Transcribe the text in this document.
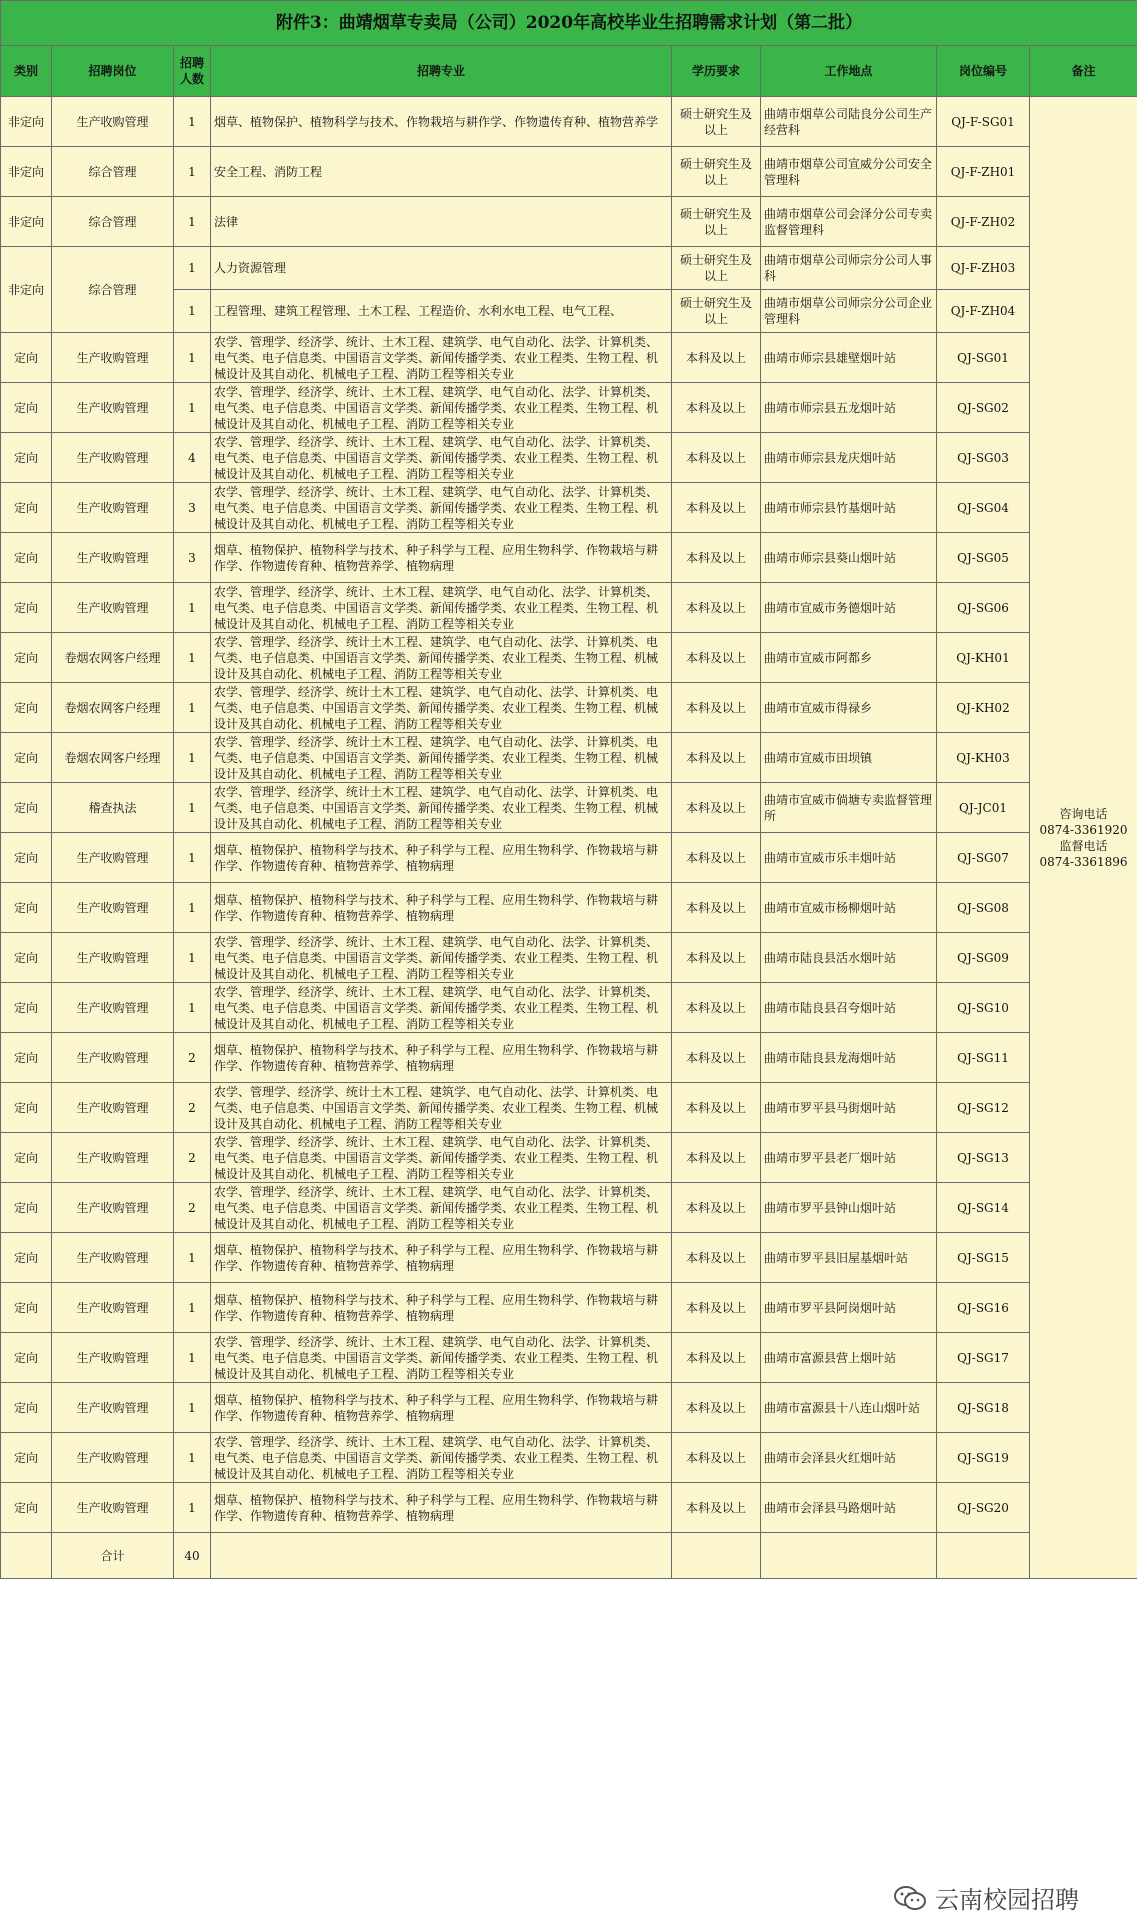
附件3：曲靖烟草专卖局（公司）2020年高校毕业生招聘需求计划（第二批）							
类别	招聘岗位	招聘人数	招聘专业	学历要求	工作地点	岗位编号	备注
非定向	生产收购管理	1	烟草、植物保护、植物科学与技术、作物栽培与耕作学、作物遗传育种、植物营养学	硕士研究生及以上	曲靖市烟草公司陆良分公司生产经营科	QJ-F-SG01	咨询电话
0874-3361920
监督电话
0874-3361896

非定向	综合管理	1	安全工程、消防工程	硕士研究生及以上	曲靖市烟草公司宣威分公司安全管理科	QJ-F-ZH01	
非定向	综合管理	1	法律	硕士研究生及以上	曲靖市烟草公司会泽分公司专卖监督管理科	QJ-F-ZH02	
非定向	综合管理	1	人力资源管理	硕士研究生及以上	曲靖市烟草公司师宗分公司人事科	QJ-F-ZH03	
		1	工程管理、建筑工程管理、土木工程、工程造价、水利水电工程、电气工程、	硕士研究生及以上	曲靖市烟草公司师宗分公司企业管理科	QJ-F-ZH04	
定向	生产收购管理	1	农学、管理学、经济学、统计、土木工程、建筑学、电气自动化、法学、计算机类、电气类、电子信息类、中国语言文学类、新闻传播学类、农业工程类、生物工程、机械设计及其自动化、机械电子工程、消防工程等相关专业	本科及以上	曲靖市师宗县雄壁烟叶站	QJ-SG01	
定向	生产收购管理	1	农学、管理学、经济学、统计、土木工程、建筑学、电气自动化、法学、计算机类、电气类、电子信息类、中国语言文学类、新闻传播学类、农业工程类、生物工程、机械设计及其自动化、机械电子工程、消防工程等相关专业	本科及以上	曲靖市师宗县五龙烟叶站	QJ-SG02	
定向	生产收购管理	4	农学、管理学、经济学、统计、土木工程、建筑学、电气自动化、法学、计算机类、电气类、电子信息类、中国语言文学类、新闻传播学类、农业工程类、生物工程、机械设计及其自动化、机械电子工程、消防工程等相关专业	本科及以上	曲靖市师宗县龙庆烟叶站	QJ-SG03	
定向	生产收购管理	3	农学、管理学、经济学、统计、土木工程、建筑学、电气自动化、法学、计算机类、电气类、电子信息类、中国语言文学类、新闻传播学类、农业工程类、生物工程、机械设计及其自动化、机械电子工程、消防工程等相关专业	本科及以上	曲靖市师宗县竹基烟叶站	QJ-SG04	
定向	生产收购管理	3	烟草、植物保护、植物科学与技术、种子科学与工程、应用生物科学、作物栽培与耕作学、作物遗传育种、植物营养学、植物病理	本科及以上	曲靖市师宗县葵山烟叶站	QJ-SG05	
定向	生产收购管理	1	农学、管理学、经济学、统计、土木工程、建筑学、电气自动化、法学、计算机类、电气类、电子信息类、中国语言文学类、新闻传播学类、农业工程类、生物工程、机械设计及其自动化、机械电子工程、消防工程等相关专业	本科及以上	曲靖市宣威市务德烟叶站	QJ-SG06	
定向	卷烟农网客户经理	1	农学、管理学、经济学、统计土木工程、建筑学、电气自动化、法学、计算机类、电气类、电子信息类、中国语言文学类、新闻传播学类、农业工程类、生物工程、机械设计及其自动化、机械电子工程、消防工程等相关专业	本科及以上	曲靖市宣威市阿都乡	QJ-KH01	
定向	卷烟农网客户经理	1	农学、管理学、经济学、统计土木工程、建筑学、电气自动化、法学、计算机类、电气类、电子信息类、中国语言文学类、新闻传播学类、农业工程类、生物工程、机械设计及其自动化、机械电子工程、消防工程等相关专业	本科及以上	曲靖市宣威市得禄乡	QJ-KH02	
定向	卷烟农网客户经理	1	农学、管理学、经济学、统计土木工程、建筑学、电气自动化、法学、计算机类、电气类、电子信息类、中国语言文学类、新闻传播学类、农业工程类、生物工程、机械设计及其自动化、机械电子工程、消防工程等相关专业	本科及以上	曲靖市宣威市田坝镇	QJ-KH03	
定向	稽查执法	1	农学、管理学、经济学、统计土木工程、建筑学、电气自动化、法学、计算机类、电气类、电子信息类、中国语言文学类、新闻传播学类、农业工程类、生物工程、机械设计及其自动化、机械电子工程、消防工程等相关专业	本科及以上	曲靖市宣威市倘塘专卖监督管理所	QJ-JC01	
定向	生产收购管理	1	烟草、植物保护、植物科学与技术、种子科学与工程、应用生物科学、作物栽培与耕作学、作物遗传育种、植物营养学、植物病理	本科及以上	曲靖市宣威市乐丰烟叶站	QJ-SG07	
定向	生产收购管理	1	烟草、植物保护、植物科学与技术、种子科学与工程、应用生物科学、作物栽培与耕作学、作物遗传育种、植物营养学、植物病理	本科及以上	曲靖市宣威市杨柳烟叶站	QJ-SG08	
定向	生产收购管理	1	农学、管理学、经济学、统计、土木工程、建筑学、电气自动化、法学、计算机类、电气类、电子信息类、中国语言文学类、新闻传播学类、农业工程类、生物工程、机械设计及其自动化、机械电子工程、消防工程等相关专业	本科及以上	曲靖市陆良县活水烟叶站	QJ-SG09	
定向	生产收购管理	1	农学、管理学、经济学、统计、土木工程、建筑学、电气自动化、法学、计算机类、电气类、电子信息类、中国语言文学类、新闻传播学类、农业工程类、生物工程、机械设计及其自动化、机械电子工程、消防工程等相关专业	本科及以上	曲靖市陆良县召夸烟叶站	QJ-SG10	
定向	生产收购管理	2	烟草、植物保护、植物科学与技术、种子科学与工程、应用生物科学、作物栽培与耕作学、作物遗传育种、植物营养学、植物病理	本科及以上	曲靖市陆良县龙海烟叶站	QJ-SG11	
定向	生产收购管理	2	农学、管理学、经济学、统计土木工程、建筑学、电气自动化、法学、计算机类、电气类、电子信息类、中国语言文学类、新闻传播学类、农业工程类、生物工程、机械设计及其自动化、机械电子工程、消防工程等相关专业	本科及以上	曲靖市罗平县马街烟叶站	QJ-SG12	
定向	生产收购管理	2	农学、管理学、经济学、统计、土木工程、建筑学、电气自动化、法学、计算机类、电气类、电子信息类、中国语言文学类、新闻传播学类、农业工程类、生物工程、机械设计及其自动化、机械电子工程、消防工程等相关专业	本科及以上	曲靖市罗平县老厂烟叶站	QJ-SG13	
定向	生产收购管理	2	农学、管理学、经济学、统计、土木工程、建筑学、电气自动化、法学、计算机类、电气类、电子信息类、中国语言文学类、新闻传播学类、农业工程类、生物工程、机械设计及其自动化、机械电子工程、消防工程等相关专业	本科及以上	曲靖市罗平县钟山烟叶站	QJ-SG14	
定向	生产收购管理	1	烟草、植物保护、植物科学与技术、种子科学与工程、应用生物科学、作物栽培与耕作学、作物遗传育种、植物营养学、植物病理	本科及以上	曲靖市罗平县旧屋基烟叶站	QJ-SG15	
定向	生产收购管理	1	烟草、植物保护、植物科学与技术、种子科学与工程、应用生物科学、作物栽培与耕作学、作物遗传育种、植物营养学、植物病理	本科及以上	曲靖市罗平县阿岗烟叶站	QJ-SG16	
定向	生产收购管理	1	农学、管理学、经济学、统计、土木工程、建筑学、电气自动化、法学、计算机类、电气类、电子信息类、中国语言文学类、新闻传播学类、农业工程类、生物工程、机械设计及其自动化、机械电子工程、消防工程等相关专业	本科及以上	曲靖市富源县营上烟叶站	QJ-SG17	
定向	生产收购管理	1	烟草、植物保护、植物科学与技术、种子科学与工程、应用生物科学、作物栽培与耕作学、作物遗传育种、植物营养学、植物病理	本科及以上	曲靖市富源县十八连山烟叶站	QJ-SG18	
定向	生产收购管理	1	农学、管理学、经济学、统计、土木工程、建筑学、电气自动化、法学、计算机类、电气类、电子信息类、中国语言文学类、新闻传播学类、农业工程类、生物工程、机械设计及其自动化、机械电子工程、消防工程等相关专业	本科及以上	曲靖市会泽县火红烟叶站	QJ-SG19	
定向	生产收购管理	1	烟草、植物保护、植物科学与技术、种子科学与工程、应用生物科学、作物栽培与耕作学、作物遗传育种、植物营养学、植物病理	本科及以上	曲靖市会泽县马路烟叶站	QJ-SG20	
	合计	40					
云南校园招聘
